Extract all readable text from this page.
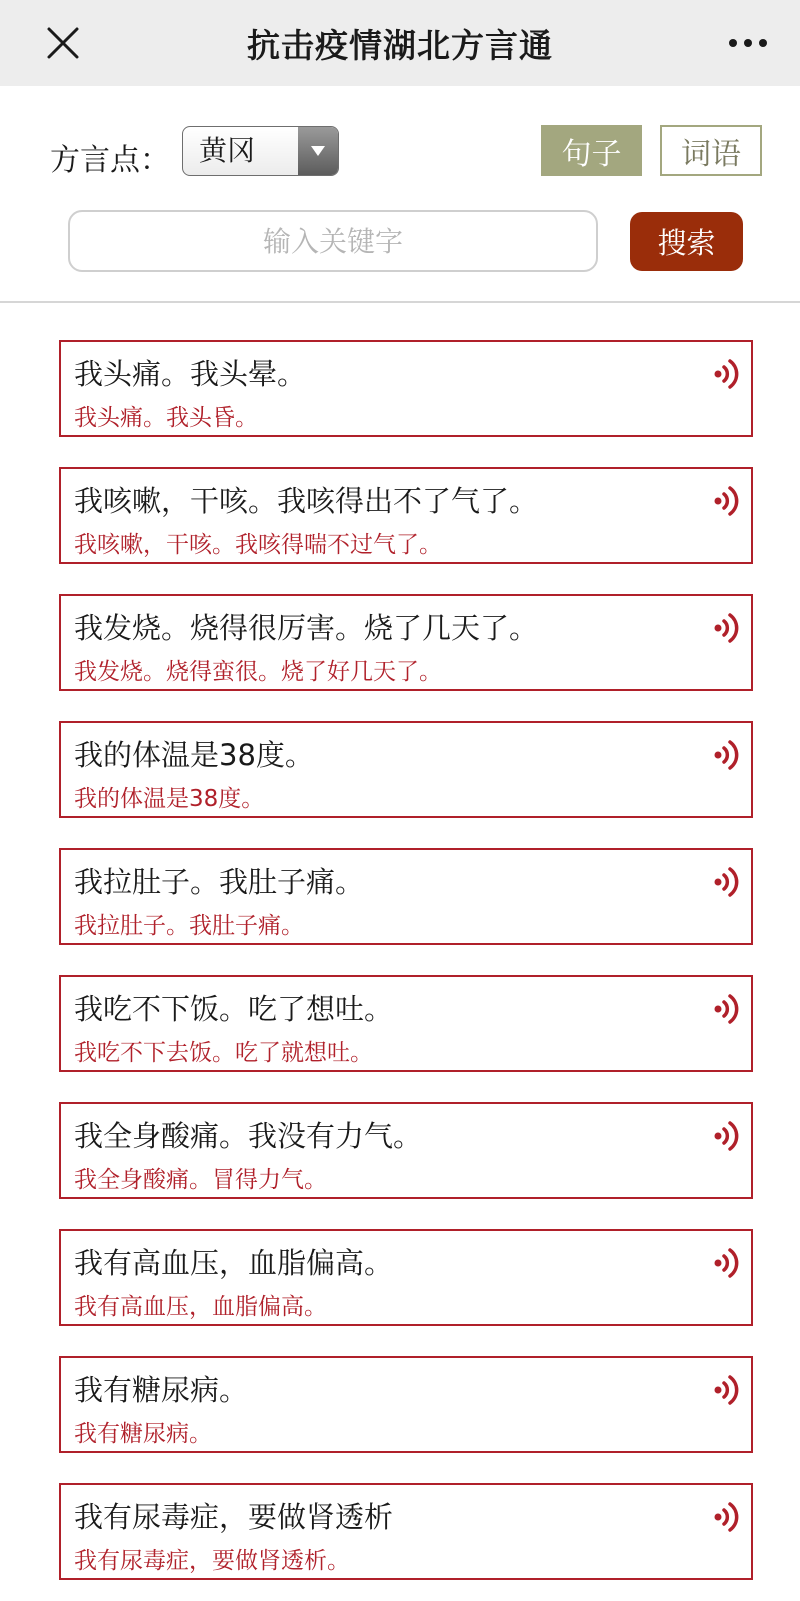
抗击疫情湖北方言通
方言点：	黄冈	句子	词语
输入关键字
搜索
我头痛。我头晕。
我头痛。我头昏。
我咳嗽，干咳。我咳得出不了气了。
我咳嗽，干咳。我咳得喘不过气了。
我发烧。烧得很厉害。烧了几天了。
我发烧。烧得蛮很。烧了好几天了。
我的体温是38度。
我的体温是38度。
我拉肚子。我肚子痛。
我拉肚子。我肚子痛。
我吃不下饭。吃了想吐。
我吃不下去饭。吃了就想吐。
我全身酸痛。我没有力气。
我全身酸痛。冒得力气。
我有高血压，血脂偏高。
我有高血压，血脂偏高。
我有糖尿病。
我有糖尿病。
我有尿毒症，要做肾透析
我有尿毒症，要做肾透析。
